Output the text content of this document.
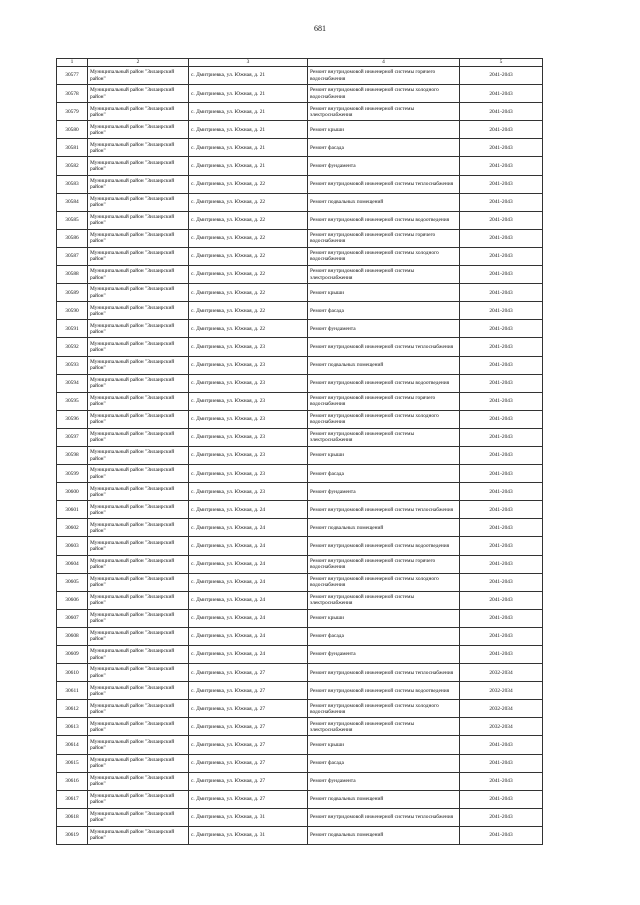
681
1	2	3	4	5
30577	Муниципальный район "Зилаирский район"	с. Дмитриевка, ул. Южная, д. 21	Ремонт внутридомовой инженерной системы горячего водоснабжения	2041-2043
30578	Муниципальный район "Зилаирский район"	с. Дмитриевка, ул. Южная, д. 21	Ремонт внутридомовой инженерной системы холодного водоснабжения	2041-2043
30579	Муниципальный район "Зилаирский район"	с. Дмитриевка, ул. Южная, д. 21	Ремонт внутридомовой инженерной системы электроснабжения	2041-2043
30580	Муниципальный район "Зилаирский район"	с. Дмитриевка, ул. Южная, д. 21	Ремонт крыши	2041-2043
30581	Муниципальный район "Зилаирский район"	с. Дмитриевка, ул. Южная, д. 21	Ремонт фасада	2041-2043
30582	Муниципальный район "Зилаирский район"	с. Дмитриевка, ул. Южная, д. 21	Ремонт фундамента	2041-2043
30583	Муниципальный район "Зилаирский район"	с. Дмитриевка, ул. Южная, д. 22	Ремонт внутридомовой инженерной системы теплоснабжения	2041-2043
30584	Муниципальный район "Зилаирский район"	с. Дмитриевка, ул. Южная, д. 22	Ремонт подвальных помещений	2041-2043
30585	Муниципальный район "Зилаирский район"	с. Дмитриевка, ул. Южная, д. 22	Ремонт внутридомовой инженерной системы водоотведения	2041-2043
30586	Муниципальный район "Зилаирский район"	с. Дмитриевка, ул. Южная, д. 22	Ремонт внутридомовой инженерной системы горячего водоснабжения	2041-2043
30587	Муниципальный район "Зилаирский район"	с. Дмитриевка, ул. Южная, д. 22	Ремонт внутридомовой инженерной системы холодного водоснабжения	2041-2043
30588	Муниципальный район "Зилаирский район"	с. Дмитриевка, ул. Южная, д. 22	Ремонт внутридомовой инженерной системы электроснабжения	2041-2043
30589	Муниципальный район "Зилаирский район"	с. Дмитриевка, ул. Южная, д. 22	Ремонт крыши	2041-2043
30590	Муниципальный район "Зилаирский район"	с. Дмитриевка, ул. Южная, д. 22	Ремонт фасада	2041-2043
30591	Муниципальный район "Зилаирский район"	с. Дмитриевка, ул. Южная, д. 22	Ремонт фундамента	2041-2043
30592	Муниципальный район "Зилаирский район"	с. Дмитриевка, ул. Южная, д. 23	Ремонт внутридомовой инженерной системы теплоснабжения	2041-2043
30593	Муниципальный район "Зилаирский район"	с. Дмитриевка, ул. Южная, д. 23	Ремонт подвальных помещений	2041-2043
30594	Муниципальный район "Зилаирский район"	с. Дмитриевка, ул. Южная, д. 23	Ремонт внутридомовой инженерной системы водоотведения	2041-2043
30595	Муниципальный район "Зилаирский район"	с. Дмитриевка, ул. Южная, д. 23	Ремонт внутридомовой инженерной системы горячего водоснабжения	2041-2043
30596	Муниципальный район "Зилаирский район"	с. Дмитриевка, ул. Южная, д. 23	Ремонт внутридомовой инженерной системы холодного водоснабжения	2041-2043
30597	Муниципальный район "Зилаирский район"	с. Дмитриевка, ул. Южная, д. 23	Ремонт внутридомовой инженерной системы электроснабжения	2041-2043
30598	Муниципальный район "Зилаирский район"	с. Дмитриевка, ул. Южная, д. 23	Ремонт крыши	2041-2043
30599	Муниципальный район "Зилаирский район"	с. Дмитриевка, ул. Южная, д. 23	Ремонт фасада	2041-2043
30600	Муниципальный район "Зилаирский район"	с. Дмитриевка, ул. Южная, д. 23	Ремонт фундамента	2041-2043
30601	Муниципальный район "Зилаирский район"	с. Дмитриевка, ул. Южная, д. 24	Ремонт внутридомовой инженерной системы теплоснабжения	2041-2043
30602	Муниципальный район "Зилаирский район"	с. Дмитриевка, ул. Южная, д. 24	Ремонт подвальных помещений	2041-2043
30603	Муниципальный район "Зилаирский район"	с. Дмитриевка, ул. Южная, д. 24	Ремонт внутридомовой инженерной системы водоотведения	2041-2043
30604	Муниципальный район "Зилаирский район"	с. Дмитриевка, ул. Южная, д. 24	Ремонт внутридомовой инженерной системы горячего водоснабжения	2041-2043
30605	Муниципальный район "Зилаирский район"	с. Дмитриевка, ул. Южная, д. 24	Ремонт внутридомовой инженерной системы холодного водоснабжения	2041-2043
30606	Муниципальный район "Зилаирский район"	с. Дмитриевка, ул. Южная, д. 24	Ремонт внутридомовой инженерной системы электроснабжения	2041-2043
30607	Муниципальный район "Зилаирский район"	с. Дмитриевка, ул. Южная, д. 24	Ремонт крыши	2041-2043
30608	Муниципальный район "Зилаирский район"	с. Дмитриевка, ул. Южная, д. 24	Ремонт фасада	2041-2043
30609	Муниципальный район "Зилаирский район"	с. Дмитриевка, ул. Южная, д. 24	Ремонт фундамента	2041-2043
30610	Муниципальный район "Зилаирский район"	с. Дмитриевка, ул. Южная, д. 27	Ремонт внутридомовой инженерной системы теплоснабжения	2032-2034
30611	Муниципальный район "Зилаирский район"	с. Дмитриевка, ул. Южная, д. 27	Ремонт внутридомовой инженерной системы водоотведения	2032-2034
30612	Муниципальный район "Зилаирский район"	с. Дмитриевка, ул. Южная, д. 27	Ремонт внутридомовой инженерной системы холодного водоснабжения	2032-2034
30613	Муниципальный район "Зилаирский район"	с. Дмитриевка, ул. Южная, д. 27	Ремонт внутридомовой инженерной системы электроснабжения	2032-2034
30614	Муниципальный район "Зилаирский район"	с. Дмитриевка, ул. Южная, д. 27	Ремонт крыши	2041-2043
30615	Муниципальный район "Зилаирский район"	с. Дмитриевка, ул. Южная, д. 27	Ремонт фасада	2041-2043
30616	Муниципальный район "Зилаирский район"	с. Дмитриевка, ул. Южная, д. 27	Ремонт фундамента	2041-2043
30617	Муниципальный район "Зилаирский район"	с. Дмитриевка, ул. Южная, д. 27	Ремонт подвальных помещений	2041-2043
30618	Муниципальный район "Зилаирский район"	с. Дмитриевка, ул. Южная, д. 31	Ремонт внутридомовой инженерной системы теплоснабжения	2041-2043
30619	Муниципальный район "Зилаирский район"	с. Дмитриевка, ул. Южная, д. 31	Ремонт подвальных помещений	2041-2043
